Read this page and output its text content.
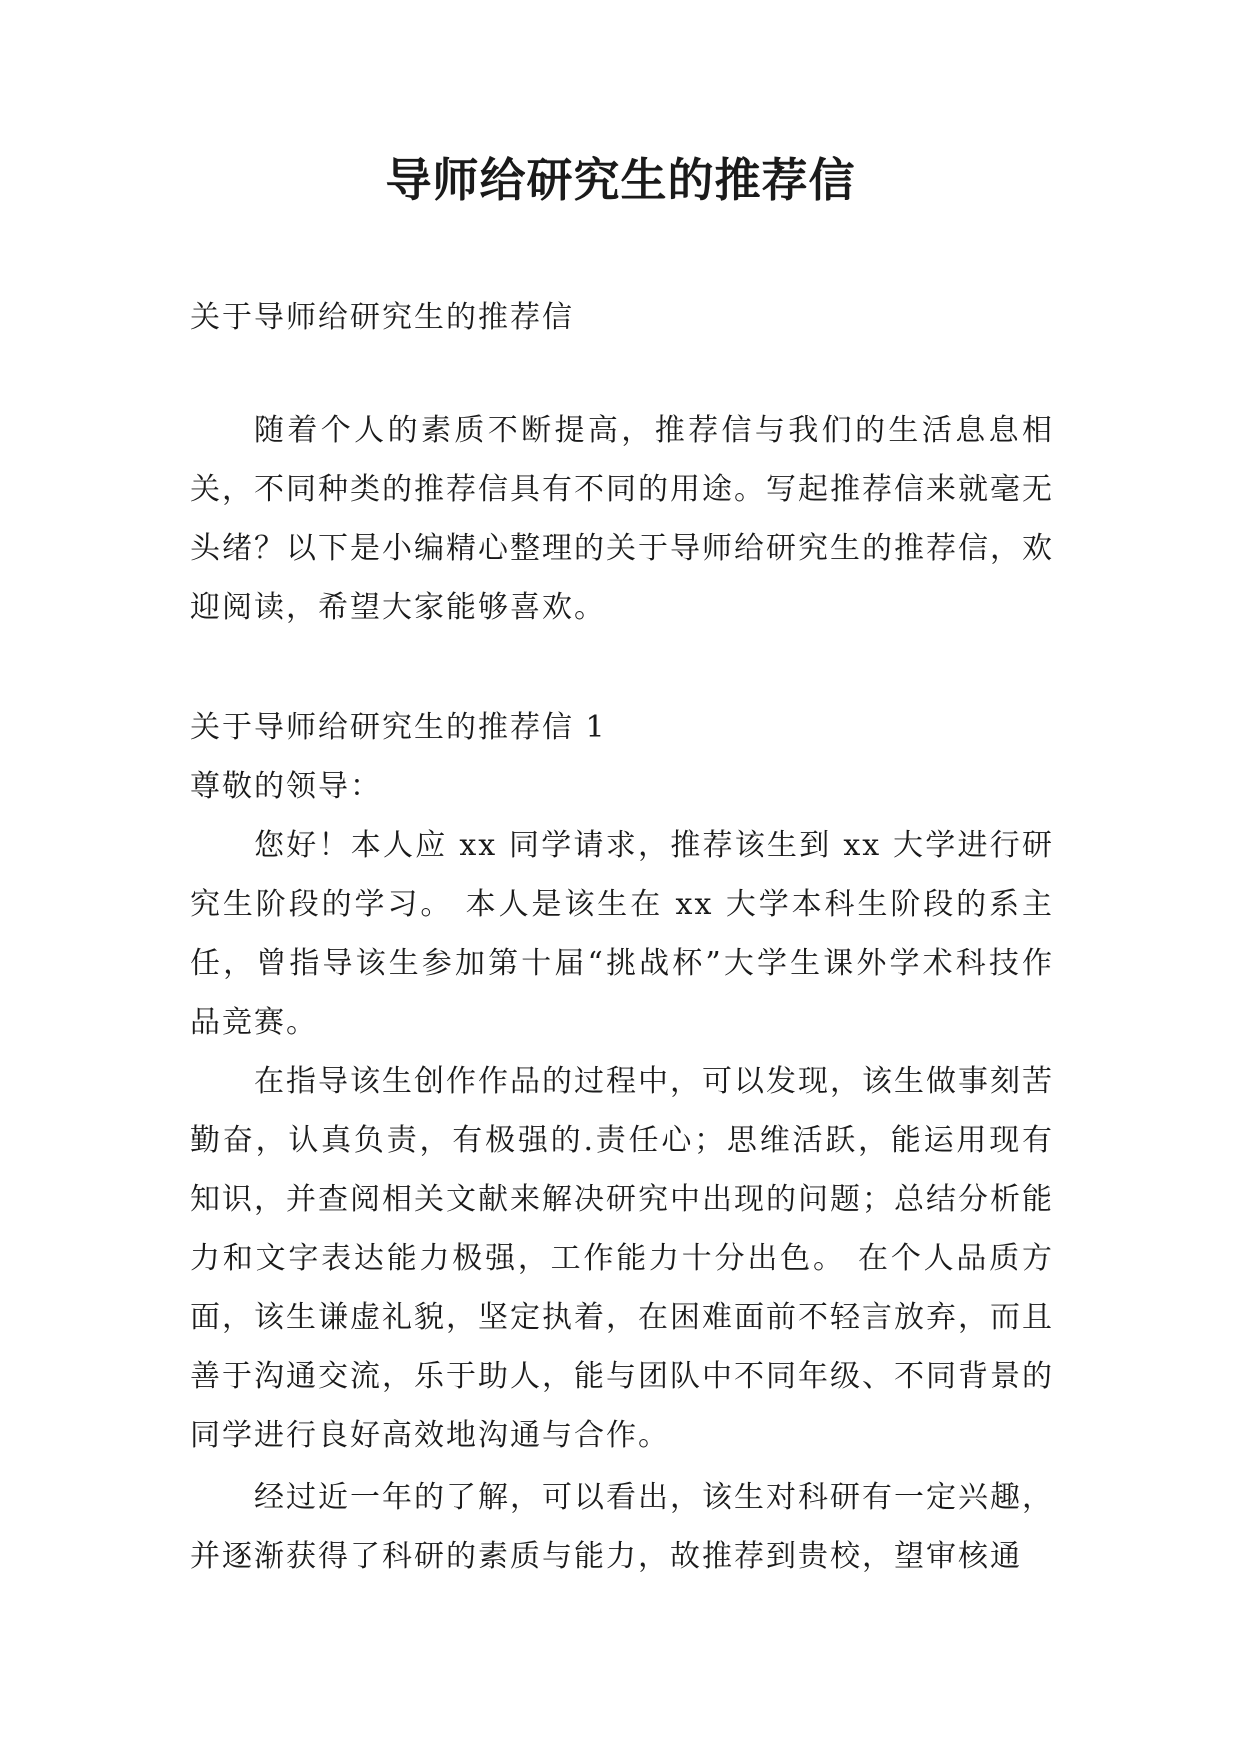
导师给研究生的推荐信

关于导师给研究生的推荐信

随着个人的素质不断提高，推荐信与我们的生活息息相关，不同种类的推荐信具有不同的用途。写起推荐信来就毫无头绪？以下是小编精心整理的关于导师给研究生的推荐信，欢迎阅读，希望大家能够喜欢。

关于导师给研究生的推荐信 1

尊敬的领导：

您好！本人应 xx 同学请求，推荐该生到 xx 大学进行研究生阶段的学习。 本人是该生在 xx 大学本科生阶段的系主任，曾指导该生参加第十届“挑战杯”大学生课外学术科技作品竞赛。

在指导该生创作作品的过程中，可以发现，该生做事刻苦勤奋，认真负责，有极强的.责任心；思维活跃，能运用现有知识，并查阅相关文献来解决研究中出现的问题；总结分析能力和文字表达能力极强，工作能力十分出色。 在个人品质方面，该生谦虚礼貌，坚定执着，在困难面前不轻言放弃，而且善于沟通交流，乐于助人，能与团队中不同年级、不同背景的同学进行良好高效地沟通与合作。

经过近一年的了解，可以看出，该生对科研有一定兴趣，并逐渐获得了科研的素质与能力，故推荐到贵校，望审核通
